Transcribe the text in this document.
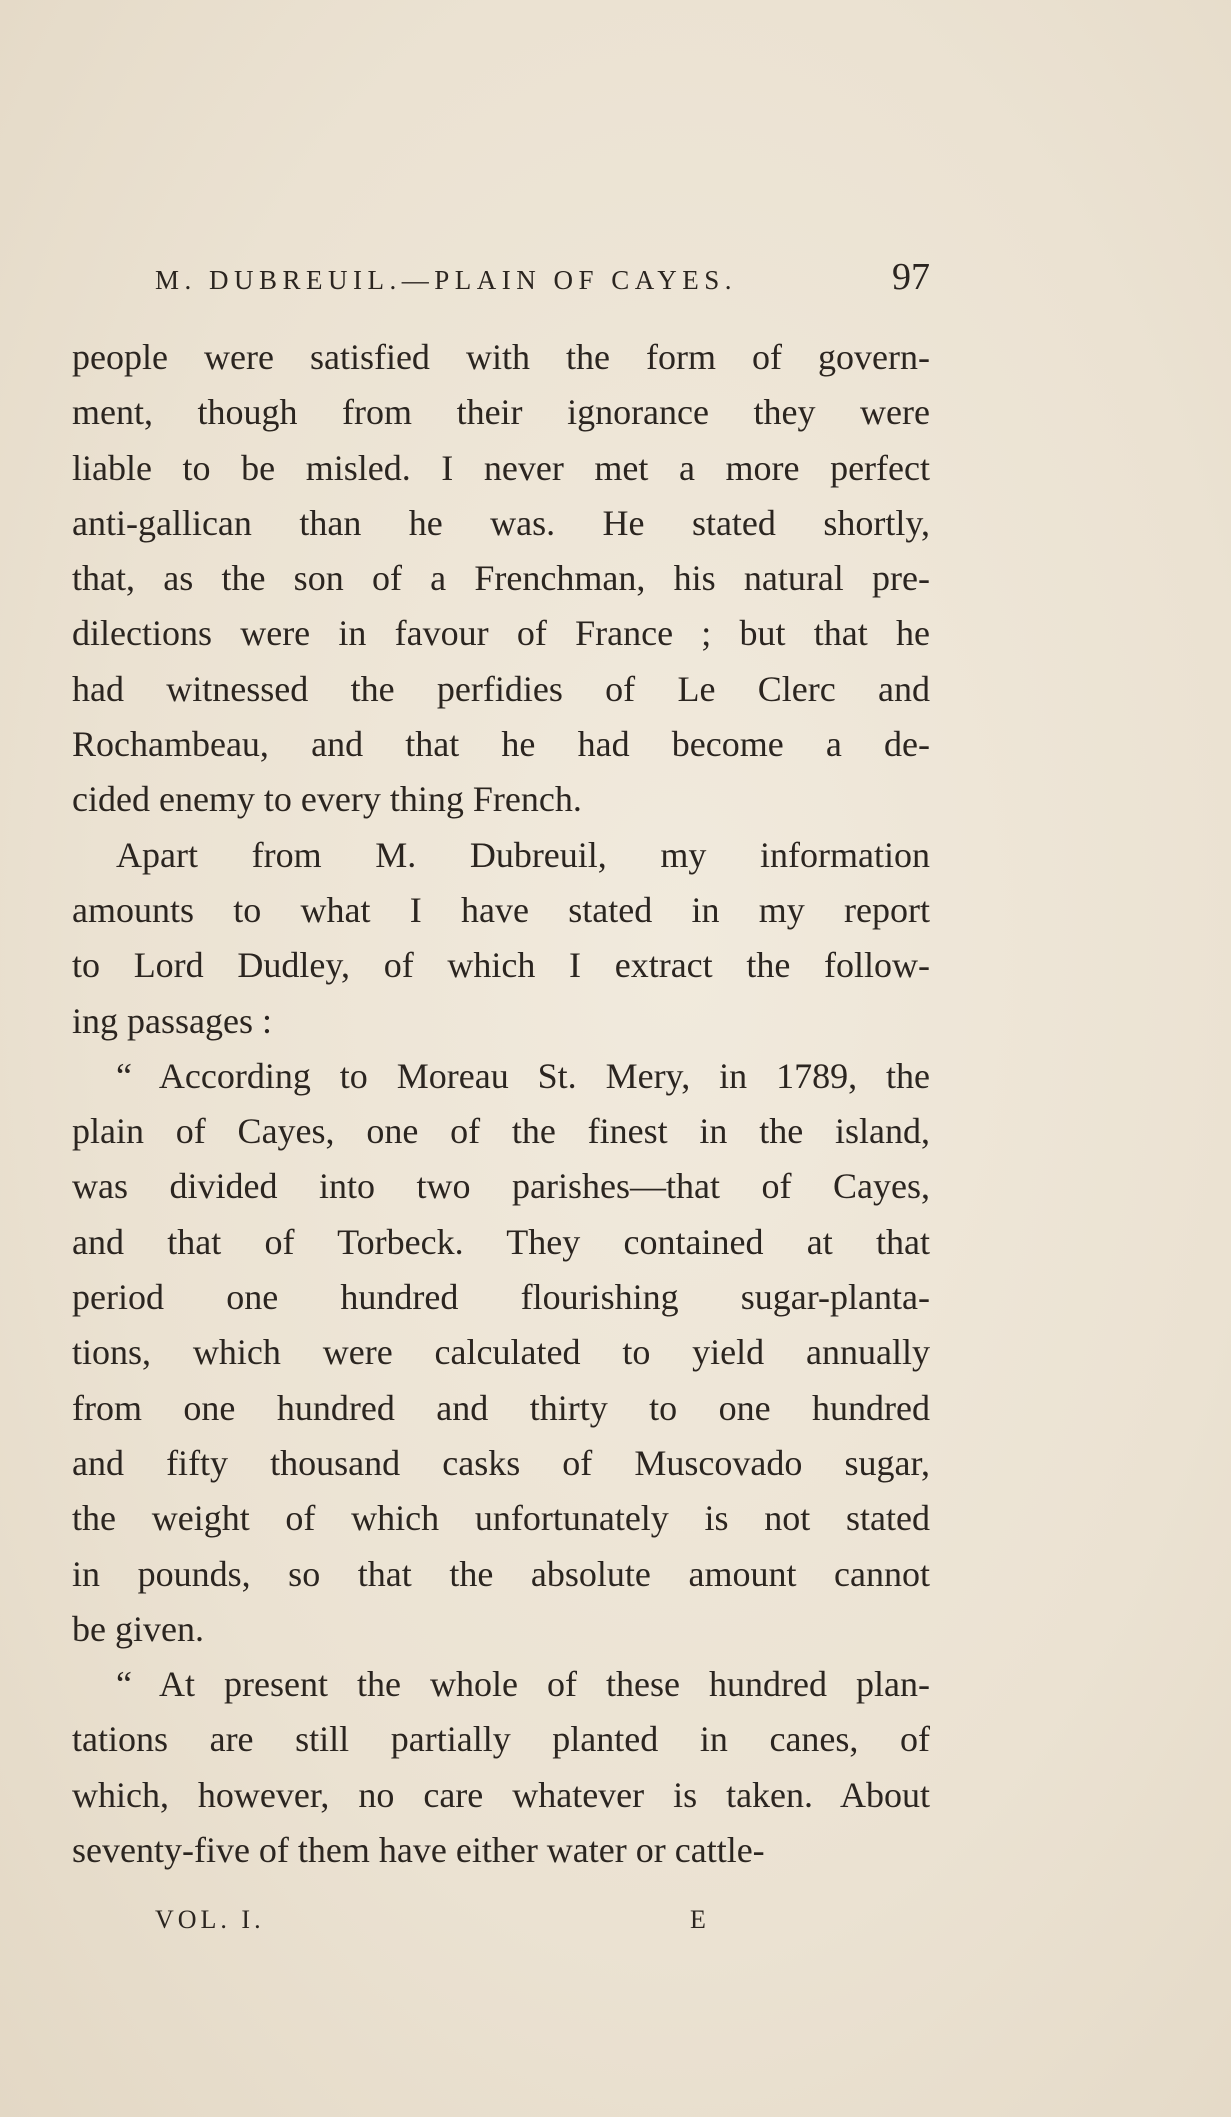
M. DUBREUIL.—PLAIN OF CAYES.	97
people were satisfied with the form of govern-
ment, though from their ignorance they were
liable to be misled. I never met a more perfect
anti-gallican than he was. He stated shortly,
that, as the son of a Frenchman, his natural pre-
dilections were in favour of France ; but that he
had witnessed the perfidies of Le Clerc and
Rochambeau, and that he had become a de-
cided enemy to every thing French.
Apart from M. Dubreuil, my information
amounts to what I have stated in my report
to Lord Dudley, of which I extract the follow-
ing passages :
“ According to Moreau St. Mery, in 1789, the
plain of Cayes, one of the finest in the island,
was divided into two parishes—that of Cayes,
and that of Torbeck. They contained at that
period one hundred flourishing sugar-planta-
tions, which were calculated to yield annually
from one hundred and thirty to one hundred
and fifty thousand casks of Muscovado sugar,
the weight of which unfortunately is not stated
in pounds, so that the absolute amount cannot
be given.
“ At present the whole of these hundred plan-
tations are still partially planted in canes, of
which, however, no care whatever is taken. About
seventy-five of them have either water or cattle-
VOL. I.	E
